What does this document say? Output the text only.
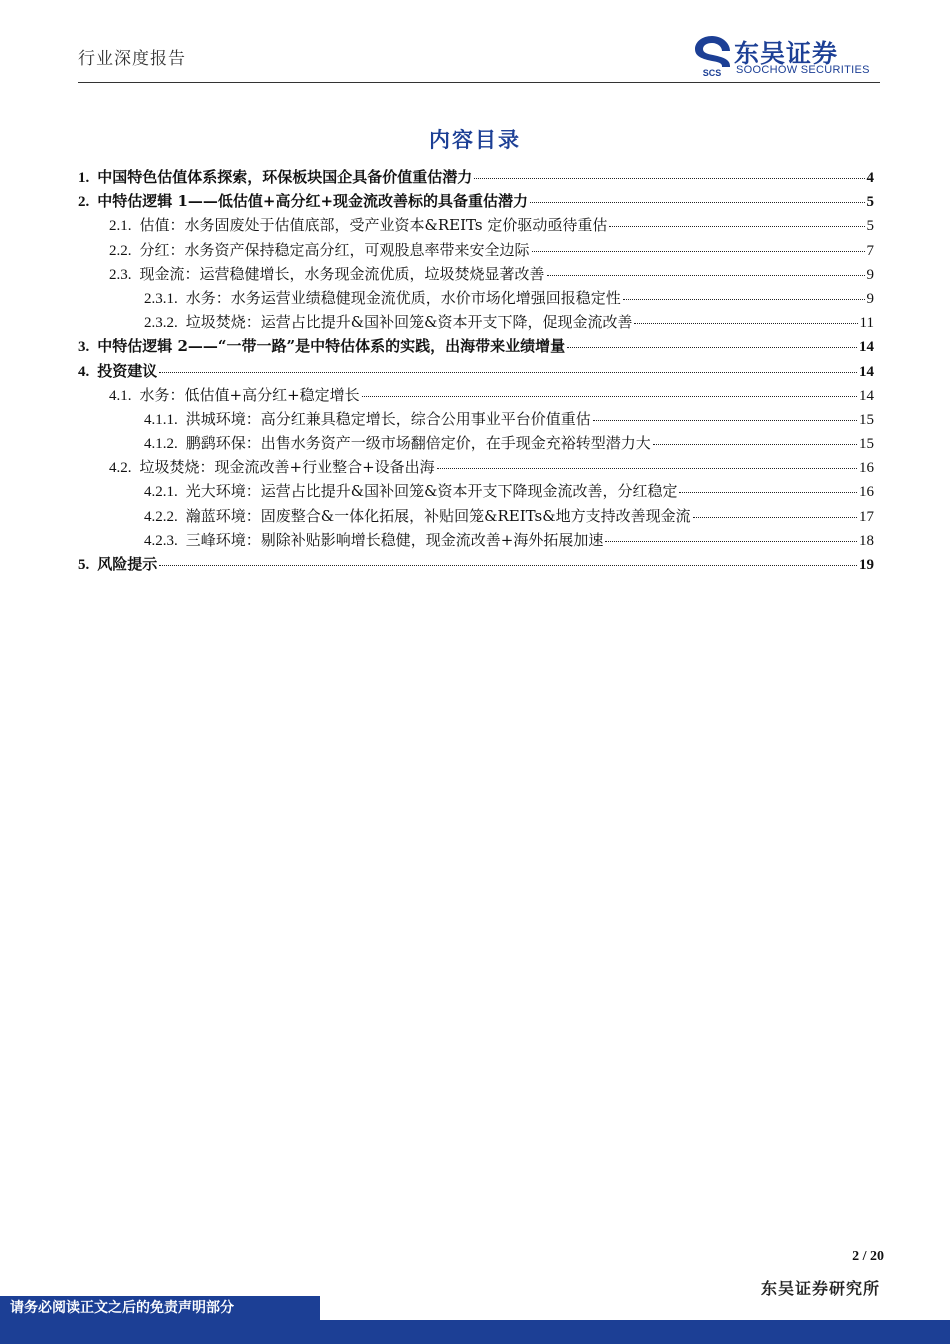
行业深度报告
SCS
东吴证券
SOOCHOW SECURITIES
内容目录
1. 中国特色估值体系探索，环保板块国企具备价值重估潜力	4
2. 中特估逻辑 1——低估值+高分红+现金流改善标的具备重估潜力	5
2.1. 估值：水务固废处于估值底部，受产业资本&REITs 定价驱动亟待重估	5
2.2. 分红：水务资产保持稳定高分红，可观股息率带来安全边际	7
2.3. 现金流：运营稳健增长，水务现金流优质，垃圾焚烧显著改善	9
2.3.1. 水务：水务运营业绩稳健现金流优质，水价市场化增强回报稳定性	9
2.3.2. 垃圾焚烧：运营占比提升&国补回笼&资本开支下降，促现金流改善	11
3. 中特估逻辑 2——“一带一路”是中特估体系的实践，出海带来业绩增量	14
4. 投资建议	14
4.1. 水务：低估值+高分红+稳定增长	14
4.1.1. 洪城环境：高分红兼具稳定增长，综合公用事业平台价值重估	15
4.1.2. 鹏鹞环保：出售水务资产一级市场翻倍定价，在手现金充裕转型潜力大	15
4.2. 垃圾焚烧：现金流改善+行业整合+设备出海	16
4.2.1. 光大环境：运营占比提升&国补回笼&资本开支下降现金流改善，分红稳定	16
4.2.2. 瀚蓝环境：固废整合&一体化拓展，补贴回笼&REITs&地方支持改善现金流	17
4.2.3. 三峰环境：剔除补贴影响增长稳健，现金流改善+海外拓展加速	18
5. 风险提示	19
2 / 20
东吴证券研究所
请务必阅读正文之后的免责声明部分
